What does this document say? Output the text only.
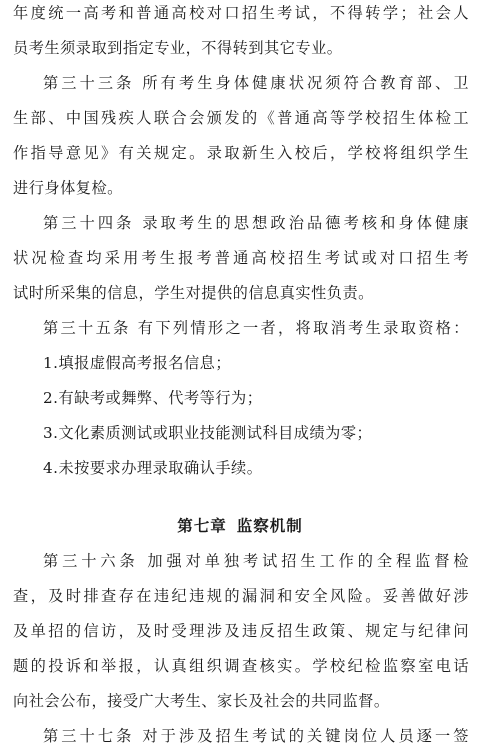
年度统一高考和普通高校对口招生考试，不得转学；社会人
员考生须录取到指定专业，不得转到其它专业。
第三十三条 所有考生身体健康状况须符合教育部、卫
生部、中国残疾人联合会颁发的《普通高等学校招生体检工
作指导意见》有关规定。录取新生入校后，学校将组织学生
进行身体复检。
第三十四条 录取考生的思想政治品德考核和身体健康
状况检查均采用考生报考普通高校招生考试或对口招生考
试时所采集的信息，学生对提供的信息真实性负责。
第三十五条 有下列情形之一者，将取消考生录取资格：
1.填报虚假高考报名信息；
2.有缺考或舞弊、代考等行为；
3.文化素质测试或职业技能测试科目成绩为零；
4.未按要求办理录取确认手续。
第七章 监察机制
第三十六条 加强对单独考试招生工作的全程监督检
查，及时排查存在违纪违规的漏洞和安全风险。妥善做好涉
及单招的信访，及时受理涉及违反招生政策、规定与纪律问
题的投诉和举报，认真组织调查核实。学校纪检监察室电话
向社会公布，接受广大考生、家长及社会的共同监督。
第三十七条 对于涉及招生考试的关键岗位人员逐一签
